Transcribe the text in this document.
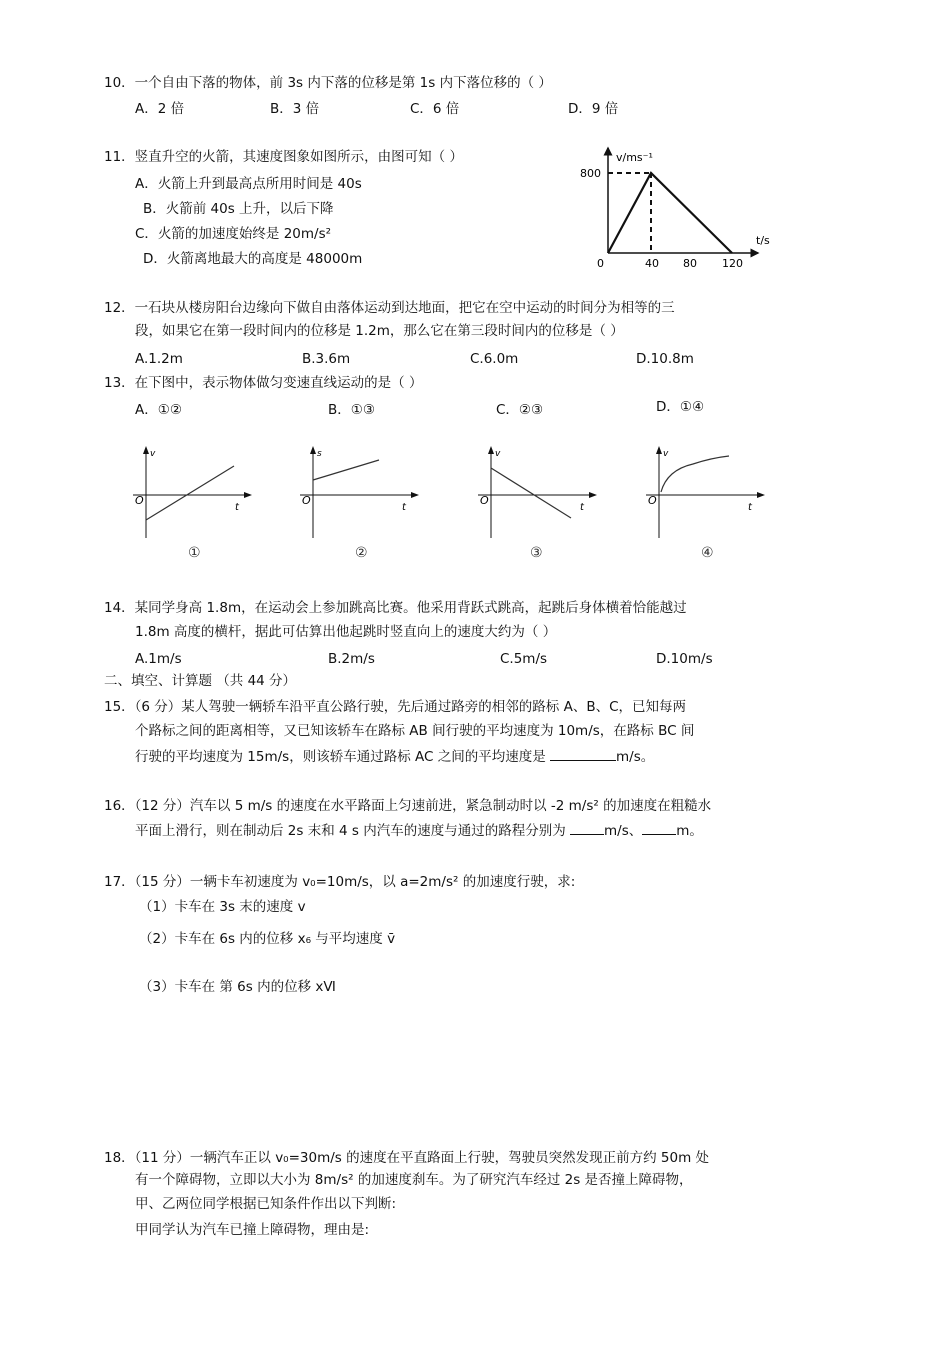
10．一个自由下落的物体，前 3s 内下落的位移是第 1s 内下落位移的（ ）
A．2 倍	B．3 倍	C．6 倍	D．9 倍
11．竖直升空的火箭，其速度图象如图所示，由图可知（ ）
A．火箭上升到最高点所用时间是 40s
B．火箭前 40s 上升，以后下降
C．火箭的加速度始终是 20m/s²
D．火箭离地最大的高度是 48000m
v/ms⁻¹
t/s
800
0	40 80 120
12．一石块从楼房阳台边缘向下做自由落体运动到达地面，把它在空中运动的时间分为相等的三
段，如果它在第一段时间内的位移是 1.2m，那么它在第三段时间内的位移是（ ）
A.1.2m	B.3.6m	C.6.0m	D.10.8m
13．在下图中，表示物体做匀变速直线运动的是（ ）
A．①②	B．①③	C．②③	D．①④
v
O
t
①
s
O
t
②
v
O
t
③
v
O
t
④
14．某同学身高 1.8m，在运动会上参加跳高比赛。他采用背跃式跳高，起跳后身体横着恰能越过
1.8m 高度的横杆，据此可估算出他起跳时竖直向上的速度大约为（ ）
A.1m/s	B.2m/s	C.5m/s	D.10m/s
二、填空、计算题 （共 44 分）
15．（6 分）某人驾驶一辆轿车沿平直公路行驶，先后通过路旁的相邻的路标 A、B、C，已知每两
个路标之间的距离相等，又已知该轿车在路标 AB 间行驶的平均速度为 10m/s，在路标 BC 间
行驶的平均速度为 15m/s，则该轿车通过路标 AC 之间的平均速度是	m/s。
16．（12 分）汽车以 5 m/s 的速度在水平路面上匀速前进，紧急制动时以 -2 m/s² 的加速度在粗糙水
平面上滑行，则在制动后 2s 末和 4 s 内汽车的速度与通过的路程分别为	m/s、	m。
17．（15 分）一辆卡车初速度为 v₀=10m/s，以 a=2m/s² 的加速度行驶，求:
（1）卡车在 3s 末的速度 v
（2）卡车在 6s 内的位移 x₆ 与平均速度 v̄
（3）卡车在 第 6s 内的位移 xⅥ
18．（11 分）一辆汽车正以 v₀=30m/s 的速度在平直路面上行驶，驾驶员突然发现正前方约 50m 处
有一个障碍物，立即以大小为 8m/s² 的加速度刹车。为了研究汽车经过 2s 是否撞上障碍物，
甲、乙两位同学根据已知条件作出以下判断:
甲同学认为汽车已撞上障碍物，理由是:
